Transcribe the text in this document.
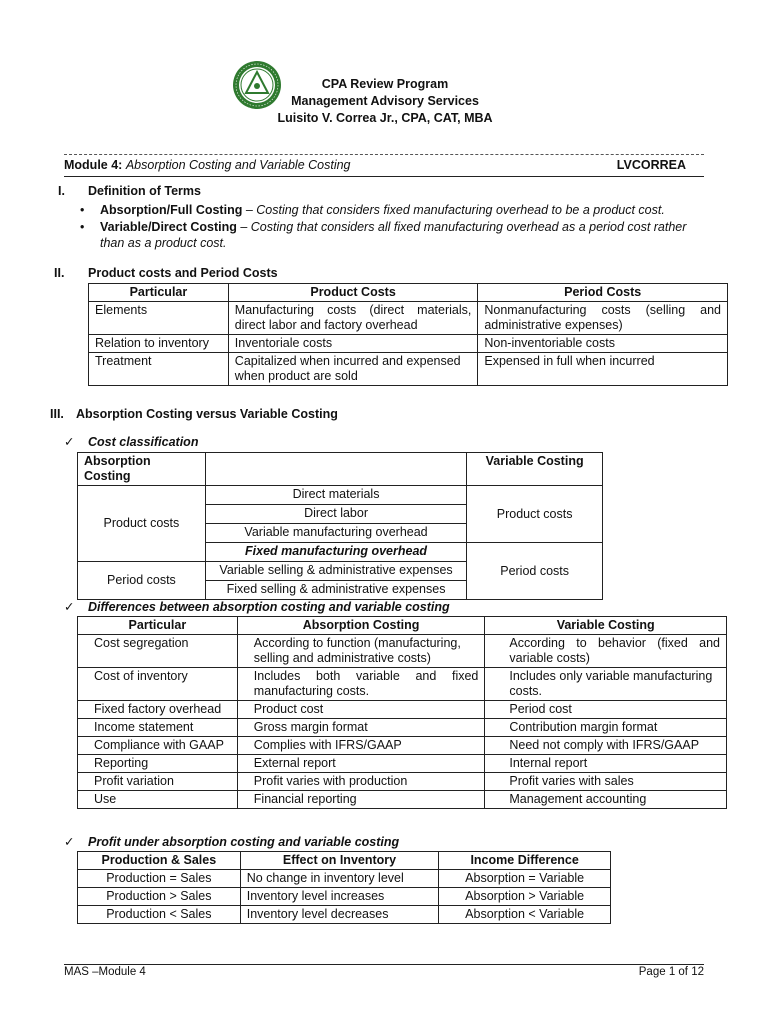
CPA Review Program
Management Advisory Services
Luisito V. Correa Jr., CPA, CAT, MBA
Module 4: Absorption Costing and Variable Costing	LVCORREA
I. Definition of Terms
• Absorption/Full Costing – Costing that considers fixed manufacturing overhead to be a product cost.
• Variable/Direct Costing – Costing that considers all fixed manufacturing overhead as a period cost rather than as a product cost.
II. Product costs and Period Costs
Particular	Product Costs	Period Costs
Elements	Manufacturing costs (direct materials, direct labor and factory overhead	Nonmanufacturing costs (selling and administrative expenses)
Relation to inventory	Inventoriale costs	Non-inventoriable costs
Treatment	Capitalized when incurred and expensed when product are sold	Expensed in full when incurred
III. Absorption Costing versus Variable Costing
✓ Cost classification
Absorption Costing		Variable Costing
Product costs	Direct materials	Product costs
	Direct labor	
	Variable manufacturing overhead	
	Fixed manufacturing overhead	Period costs
Period costs	Variable selling & administrative expenses	
	Fixed selling & administrative expenses	
✓ Differences between absorption costing and variable costing
Particular	Absorption Costing	Variable Costing
Cost segregation	According to function (manufacturing, selling and administrative costs)	According to behavior (fixed and variable costs)
Cost of inventory	Includes both variable and fixed manufacturing costs.	Includes only variable manufacturing costs.
Fixed factory overhead	Product cost	Period cost
Income statement	Gross margin format	Contribution margin format
Compliance with GAAP	Complies with IFRS/GAAP	Need not comply with IFRS/GAAP
Reporting	External report	Internal report
Profit variation	Profit varies with production	Profit varies with sales
Use	Financial reporting	Management accounting
✓ Profit under absorption costing and variable costing
Production & Sales	Effect on Inventory	Income Difference
Production = Sales	No change in inventory level	Absorption = Variable
Production > Sales	Inventory level increases	Absorption > Variable
Production < Sales	Inventory level decreases	Absorption < Variable
MAS –Module 4	Page 1 of 12
